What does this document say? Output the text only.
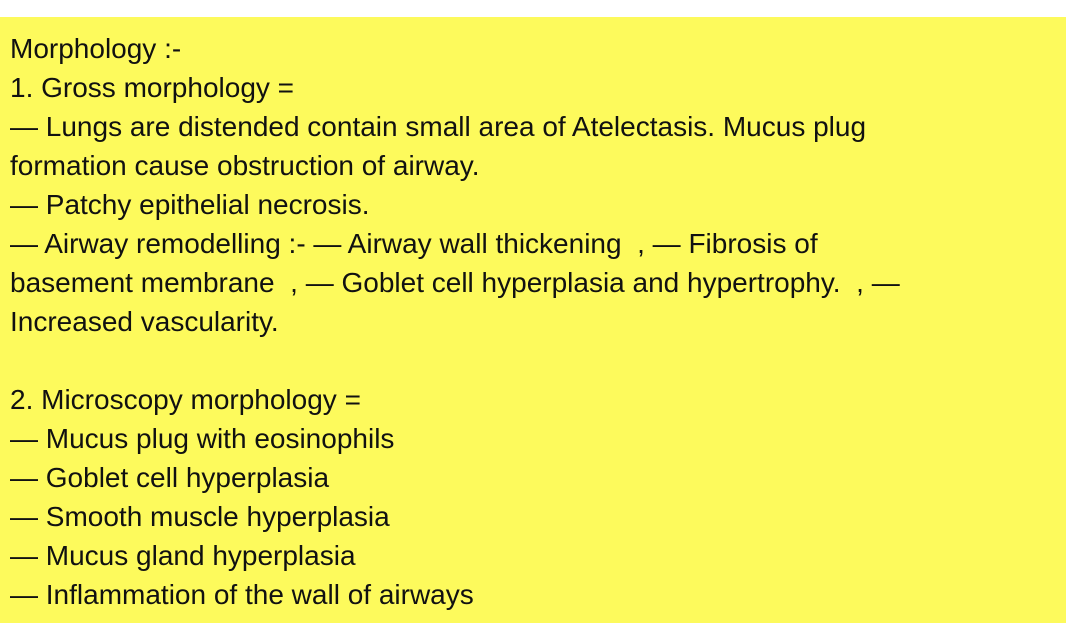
Morphology :-
1. Gross morphology =
— Lungs are distended contain small area of Atelectasis. Mucus plug
formation cause obstruction of airway.
— Patchy epithelial necrosis.
— Airway remodelling :- — Airway wall thickening  , — Fibrosis of
basement membrane  , — Goblet cell hyperplasia and hypertrophy.  , —
Increased vascularity.
2. Microscopy morphology =
— Mucus plug with eosinophils
— Goblet cell hyperplasia
— Smooth muscle hyperplasia
— Mucus gland hyperplasia
— Inflammation of the wall of airways
